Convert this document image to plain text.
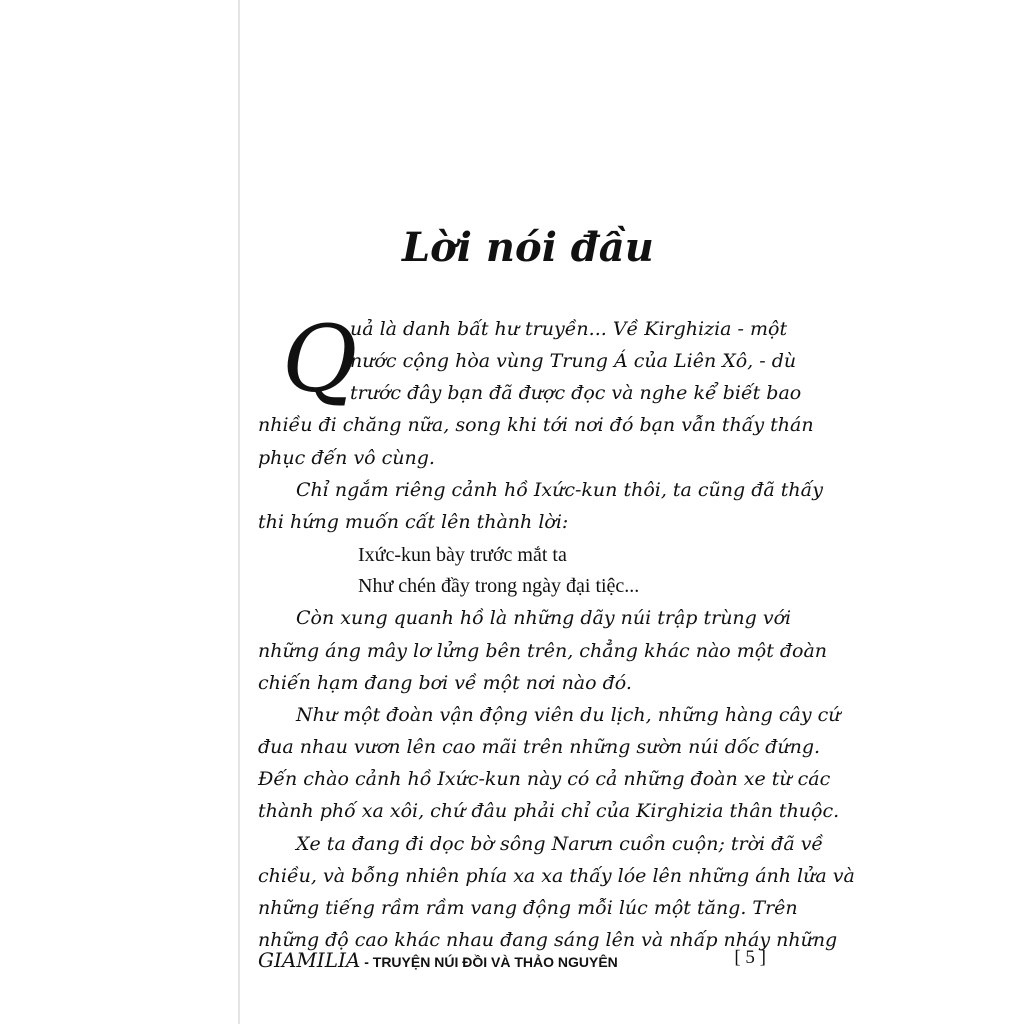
Lời nói đầu
Q

uả là danh bất hư truyền... Về Kirghizia - một

nước cộng hòa vùng Trung Á của Liên Xô, - dù

trước đây bạn đã được đọc và nghe kể biết bao

nhiều đi chăng nữa, song khi tới nơi đó bạn vẫn thấy thán

phục đến vô cùng.

Chỉ ngắm riêng cảnh hồ Ixức-kun thôi, ta cũng đã thấy

thi hứng muốn cất lên thành lời:

Ixức-kun bày trước mắt ta

Như chén đầy trong ngày đại tiệc...

Còn xung quanh hồ là những dãy núi trập trùng với

những áng mây lơ lửng bên trên, chẳng khác nào một đoàn

chiến hạm đang bơi về một nơi nào đó.

Như một đoàn vận động viên du lịch, những hàng cây cứ

đua nhau vươn lên cao mãi trên những sườn núi dốc đứng.

Đến chào cảnh hồ Ixức-kun này có cả những đoàn xe từ các

thành phố xa xôi, chứ đâu phải chỉ của Kirghizia thân thuộc.

Xe ta đang đi dọc bờ sông Narưn cuồn cuộn; trời đã về

chiều, và bỗng nhiên phía xa xa thấy lóe lên những ánh lửa và

những tiếng rầm rầm vang động mỗi lúc một tăng. Trên

những độ cao khác nhau đang sáng lên và nhấp nháy những

GIAMILIA - TRUYỆN NÚI ĐỒI VÀ THẢO NGUYÊN	[ 5 ]
